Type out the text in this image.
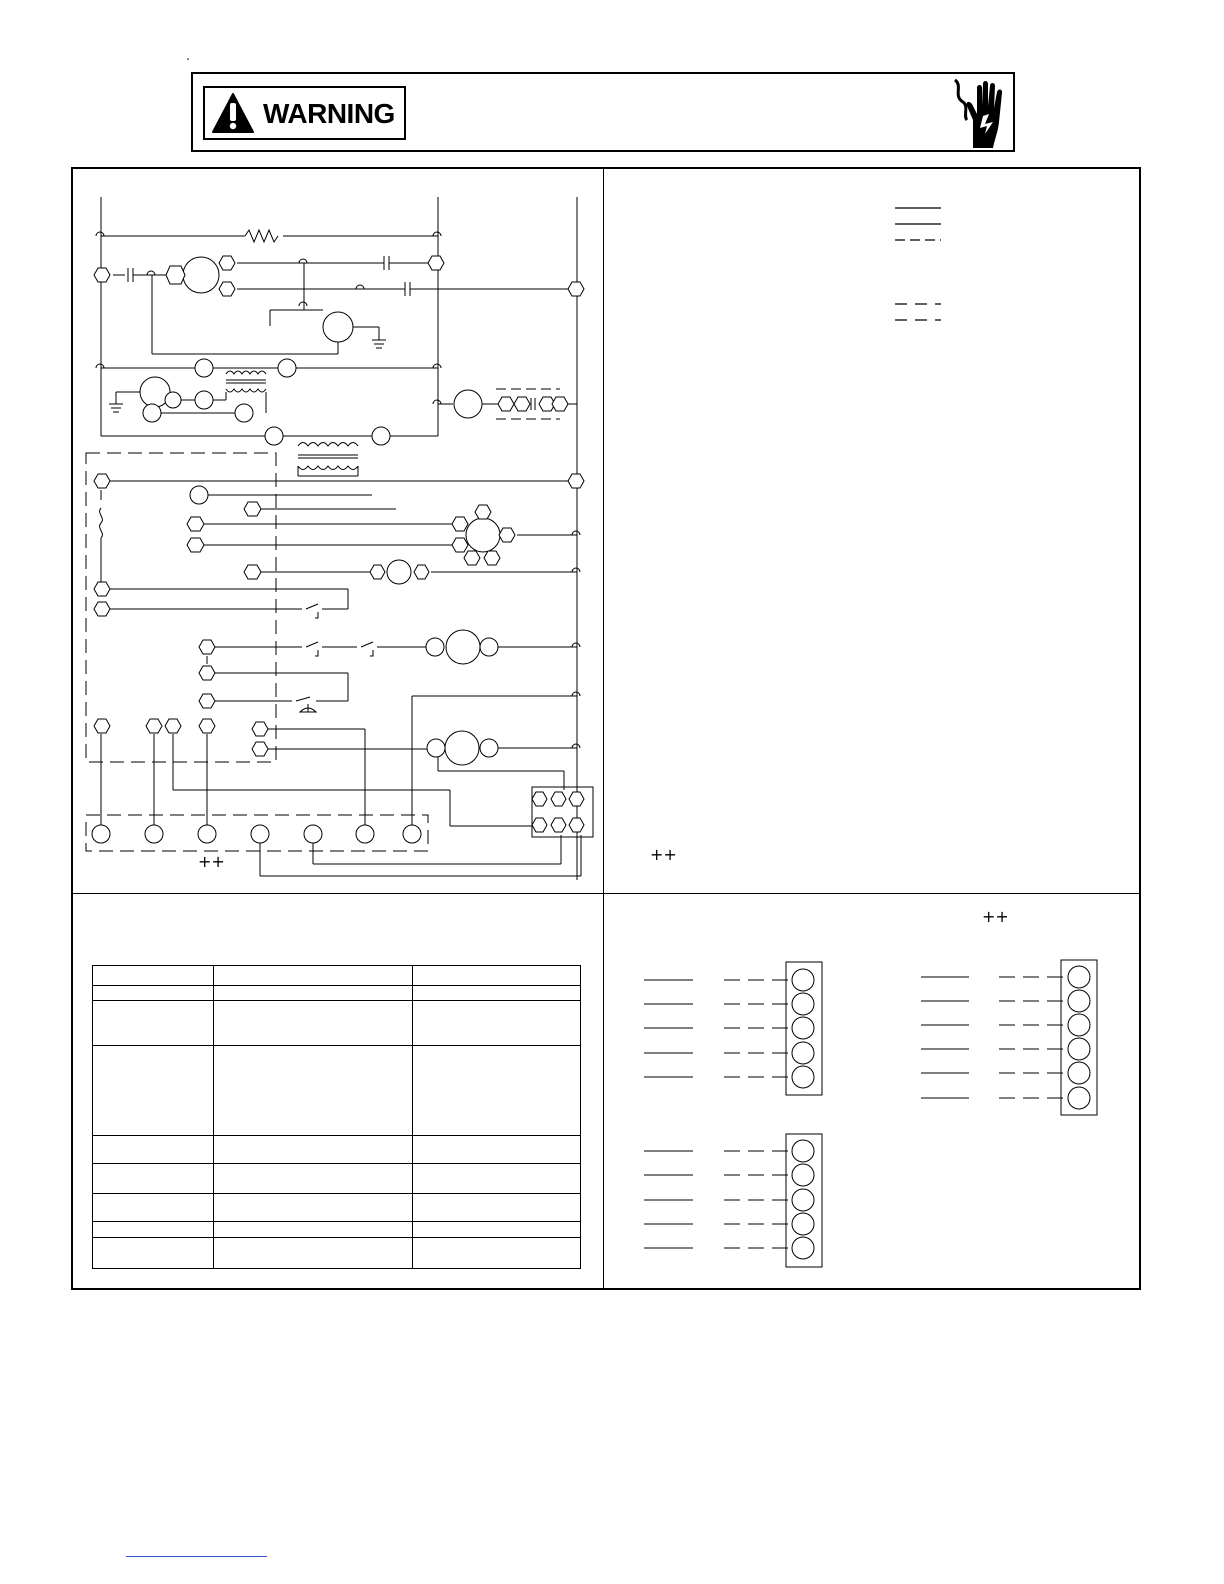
WARNING
++	++

++
